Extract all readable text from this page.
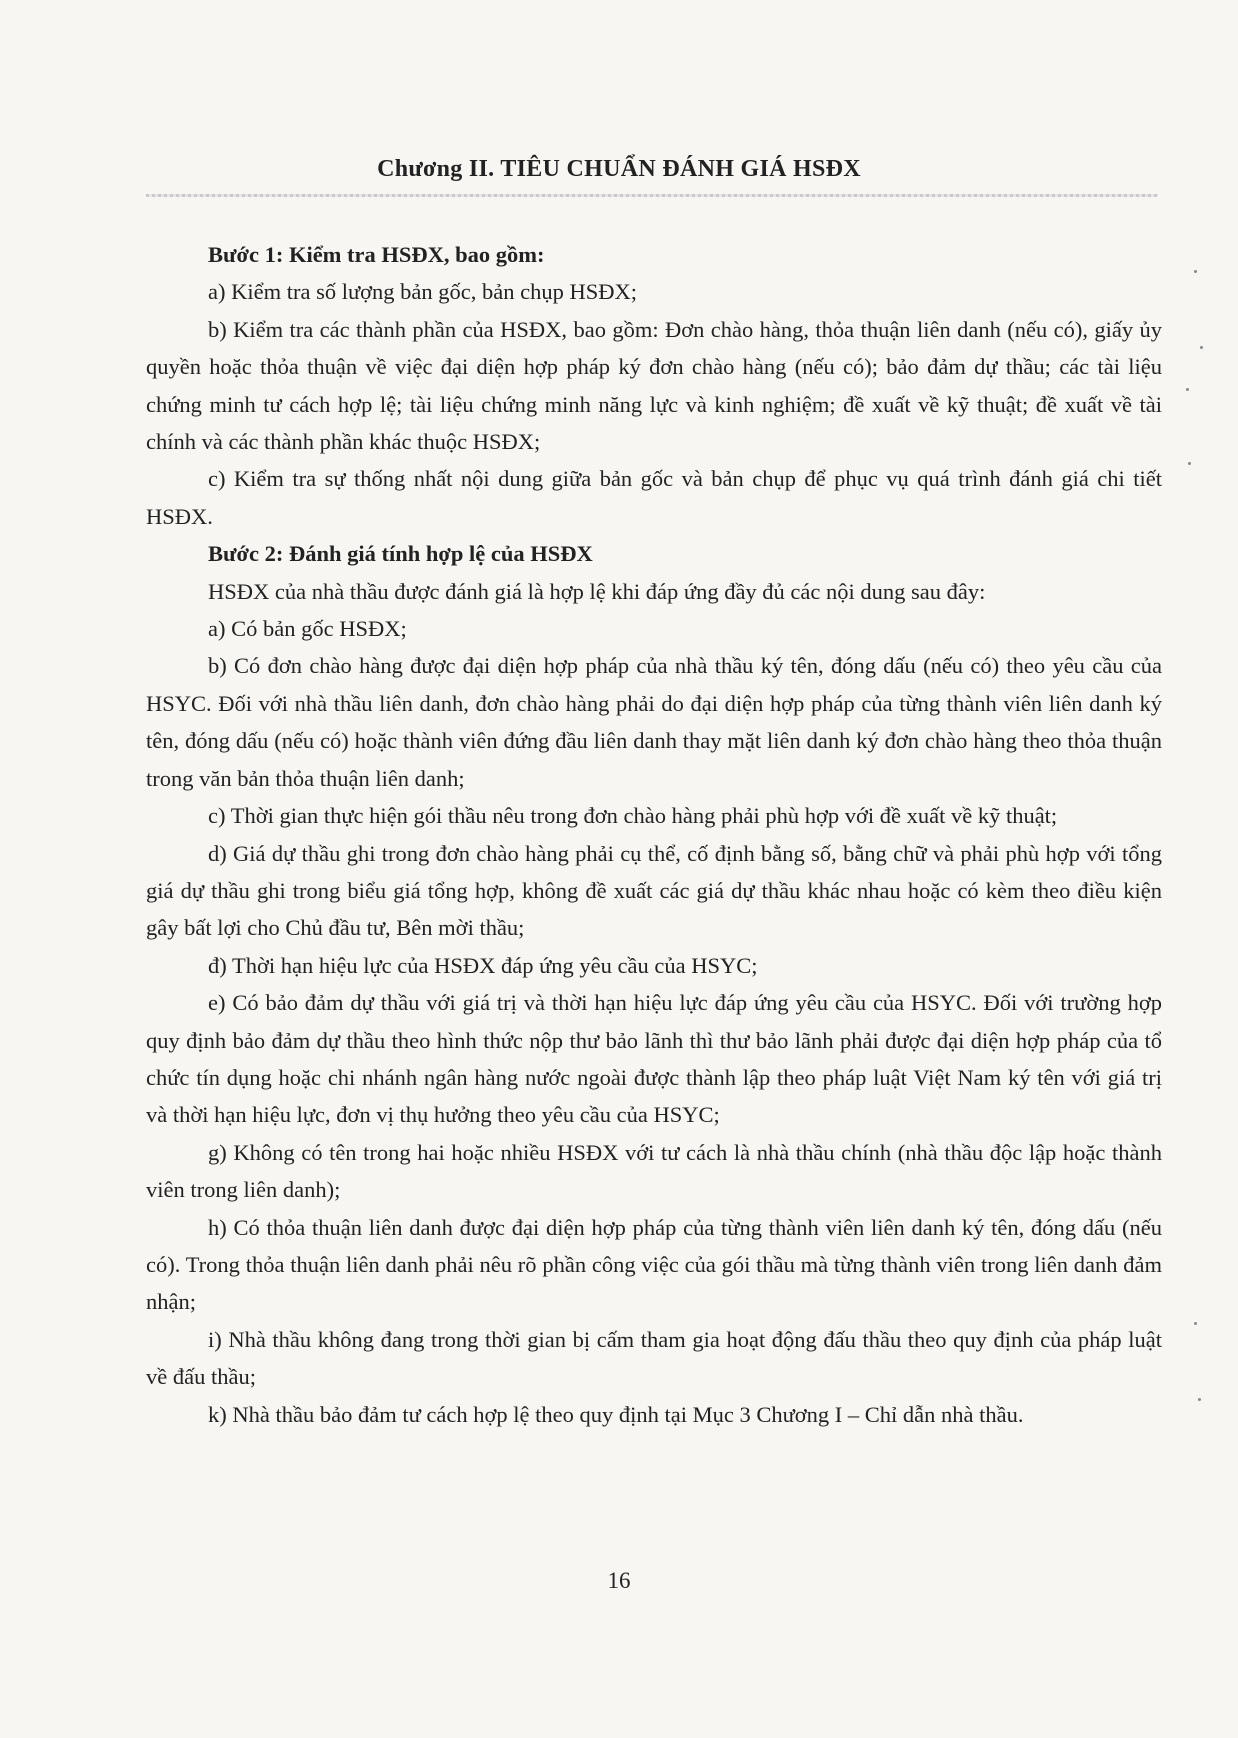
Chương II. TIÊU CHUẨN ĐÁNH GIÁ HSĐX

Bước 1: Kiểm tra HSĐX, bao gồm:

a) Kiểm tra số lượng bản gốc, bản chụp HSĐX;

b) Kiểm tra các thành phần của HSĐX, bao gồm: Đơn chào hàng, thỏa thuận liên danh (nếu có), giấy ủy quyền hoặc thỏa thuận về việc đại diện hợp pháp ký đơn chào hàng (nếu có); bảo đảm dự thầu; các tài liệu chứng minh tư cách hợp lệ; tài liệu chứng minh năng lực và kinh nghiệm; đề xuất về kỹ thuật; đề xuất về tài chính và các thành phần khác thuộc HSĐX;

c) Kiểm tra sự thống nhất nội dung giữa bản gốc và bản chụp để phục vụ quá trình đánh giá chi tiết HSĐX.

Bước 2: Đánh giá tính hợp lệ của HSĐX

HSĐX của nhà thầu được đánh giá là hợp lệ khi đáp ứng đầy đủ các nội dung sau đây:

a) Có bản gốc HSĐX;

b) Có đơn chào hàng được đại diện hợp pháp của nhà thầu ký tên, đóng dấu (nếu có) theo yêu cầu của HSYC. Đối với nhà thầu liên danh, đơn chào hàng phải do đại diện hợp pháp của từng thành viên liên danh ký tên, đóng dấu (nếu có) hoặc thành viên đứng đầu liên danh thay mặt liên danh ký đơn chào hàng theo thỏa thuận trong văn bản thỏa thuận liên danh;

c) Thời gian thực hiện gói thầu nêu trong đơn chào hàng phải phù hợp với đề xuất về kỹ thuật;

d) Giá dự thầu ghi trong đơn chào hàng phải cụ thể, cố định bằng số, bằng chữ và phải phù hợp với tổng giá dự thầu ghi trong biểu giá tổng hợp, không đề xuất các giá dự thầu khác nhau hoặc có kèm theo điều kiện gây bất lợi cho Chủ đầu tư, Bên mời thầu;

đ) Thời hạn hiệu lực của HSĐX đáp ứng yêu cầu của HSYC;

e) Có bảo đảm dự thầu với giá trị và thời hạn hiệu lực đáp ứng yêu cầu của HSYC. Đối với trường hợp quy định bảo đảm dự thầu theo hình thức nộp thư bảo lãnh thì thư bảo lãnh phải được đại diện hợp pháp của tổ chức tín dụng hoặc chi nhánh ngân hàng nước ngoài được thành lập theo pháp luật Việt Nam ký tên với giá trị và thời hạn hiệu lực, đơn vị thụ hưởng theo yêu cầu của HSYC;

g) Không có tên trong hai hoặc nhiều HSĐX với tư cách là nhà thầu chính (nhà thầu độc lập hoặc thành viên trong liên danh);

h) Có thỏa thuận liên danh được đại diện hợp pháp của từng thành viên liên danh ký tên, đóng dấu (nếu có). Trong thỏa thuận liên danh phải nêu rõ phần công việc của gói thầu mà từng thành viên trong liên danh đảm nhận;

i) Nhà thầu không đang trong thời gian bị cấm tham gia hoạt động đấu thầu theo quy định của pháp luật về đấu thầu;

k) Nhà thầu bảo đảm tư cách hợp lệ theo quy định tại Mục 3 Chương I – Chỉ dẫn nhà thầu.

16
